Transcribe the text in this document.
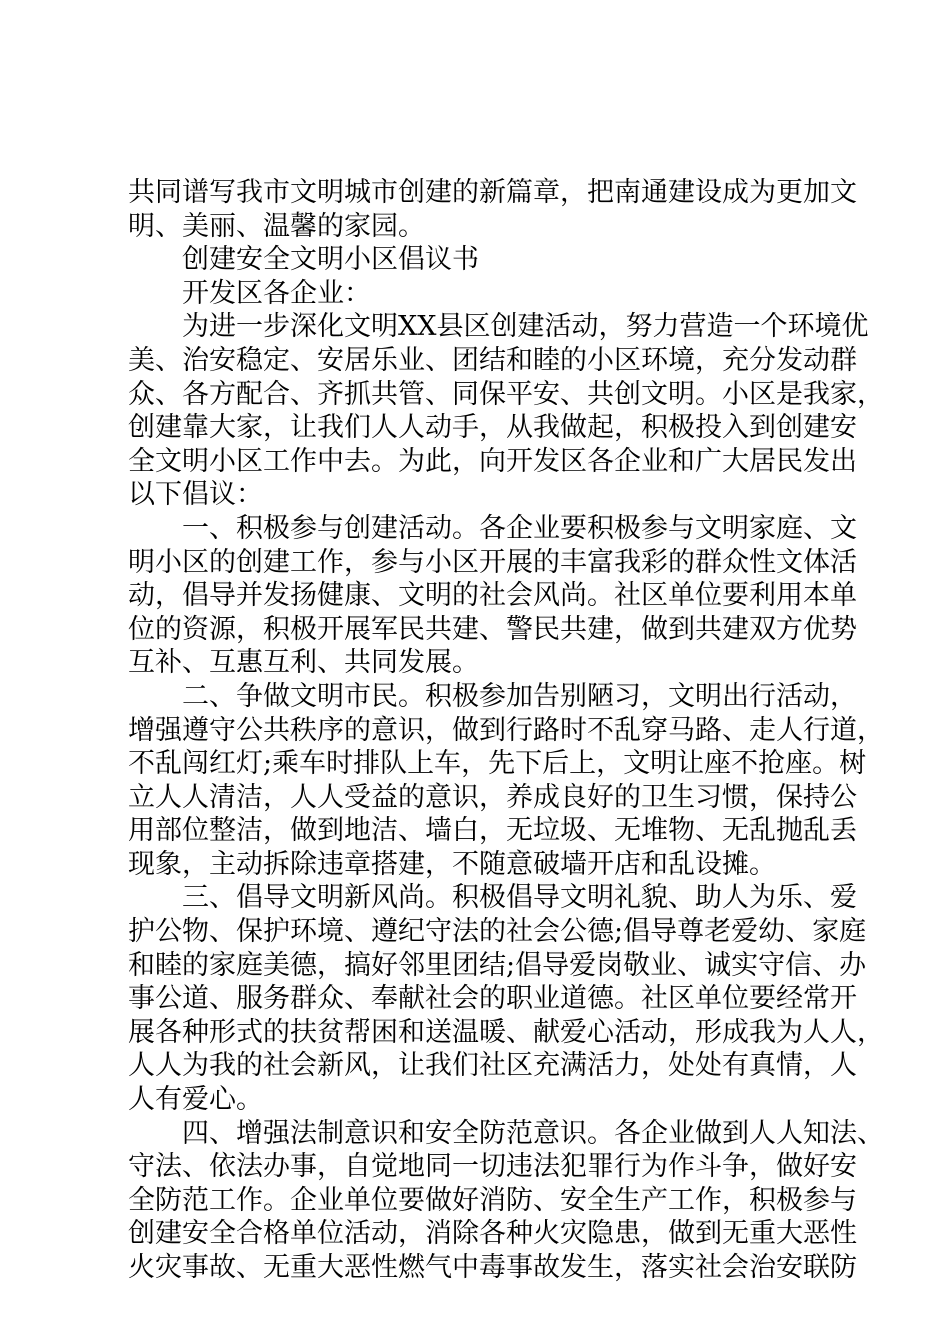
共同谱写我市文明城市创建的新篇章，把南通建设成为更加文
明、美丽、温馨的家园。
创建安全文明小区倡议书
开发区各企业：
为进一步深化文明XX县区创建活动，努力营造一个环境优
美、治安稳定、安居乐业、团结和睦的小区环境，充分发动群
众、各方配合、齐抓共管、同保平安、共创文明。小区是我家，
创建靠大家，让我们人人动手，从我做起，积极投入到创建安
全文明小区工作中去。为此，向开发区各企业和广大居民发出
以下倡议：
一、积极参与创建活动。各企业要积极参与文明家庭、文
明小区的创建工作，参与小区开展的丰富我彩的群众性文体活
动，倡导并发扬健康、文明的社会风尚。社区单位要利用本单
位的资源，积极开展军民共建、警民共建，做到共建双方优势
互补、互惠互利、共同发展。
二、争做文明市民。积极参加告别陋习，文明出行活动，
增强遵守公共秩序的意识，做到行路时不乱穿马路、走人行道，
不乱闯红灯;乘车时排队上车，先下后上，文明让座不抢座。树
立人人清洁，人人受益的意识，养成良好的卫生习惯，保持公
用部位整洁，做到地洁、墙白，无垃圾、无堆物、无乱抛乱丢
现象，主动拆除违章搭建，不随意破墙开店和乱设摊。
三、倡导文明新风尚。积极倡导文明礼貌、助人为乐、爱
护公物、保护环境、遵纪守法的社会公德;倡导尊老爱幼、家庭
和睦的家庭美德，搞好邻里团结;倡导爱岗敬业、诚实守信、办
事公道、服务群众、奉献社会的职业道德。社区单位要经常开
展各种形式的扶贫帮困和送温暖、献爱心活动，形成我为人人，
人人为我的社会新风，让我们社区充满活力，处处有真情，人
人有爱心。
四、增强法制意识和安全防范意识。各企业做到人人知法、
守法、依法办事，自觉地同一切违法犯罪行为作斗争，做好安
全防范工作。企业单位要做好消防、安全生产工作，积极参与
创建安全合格单位活动，消除各种火灾隐患，做到无重大恶性
火灾事故、无重大恶性燃气中毒事故发生，落实社会治安联防
